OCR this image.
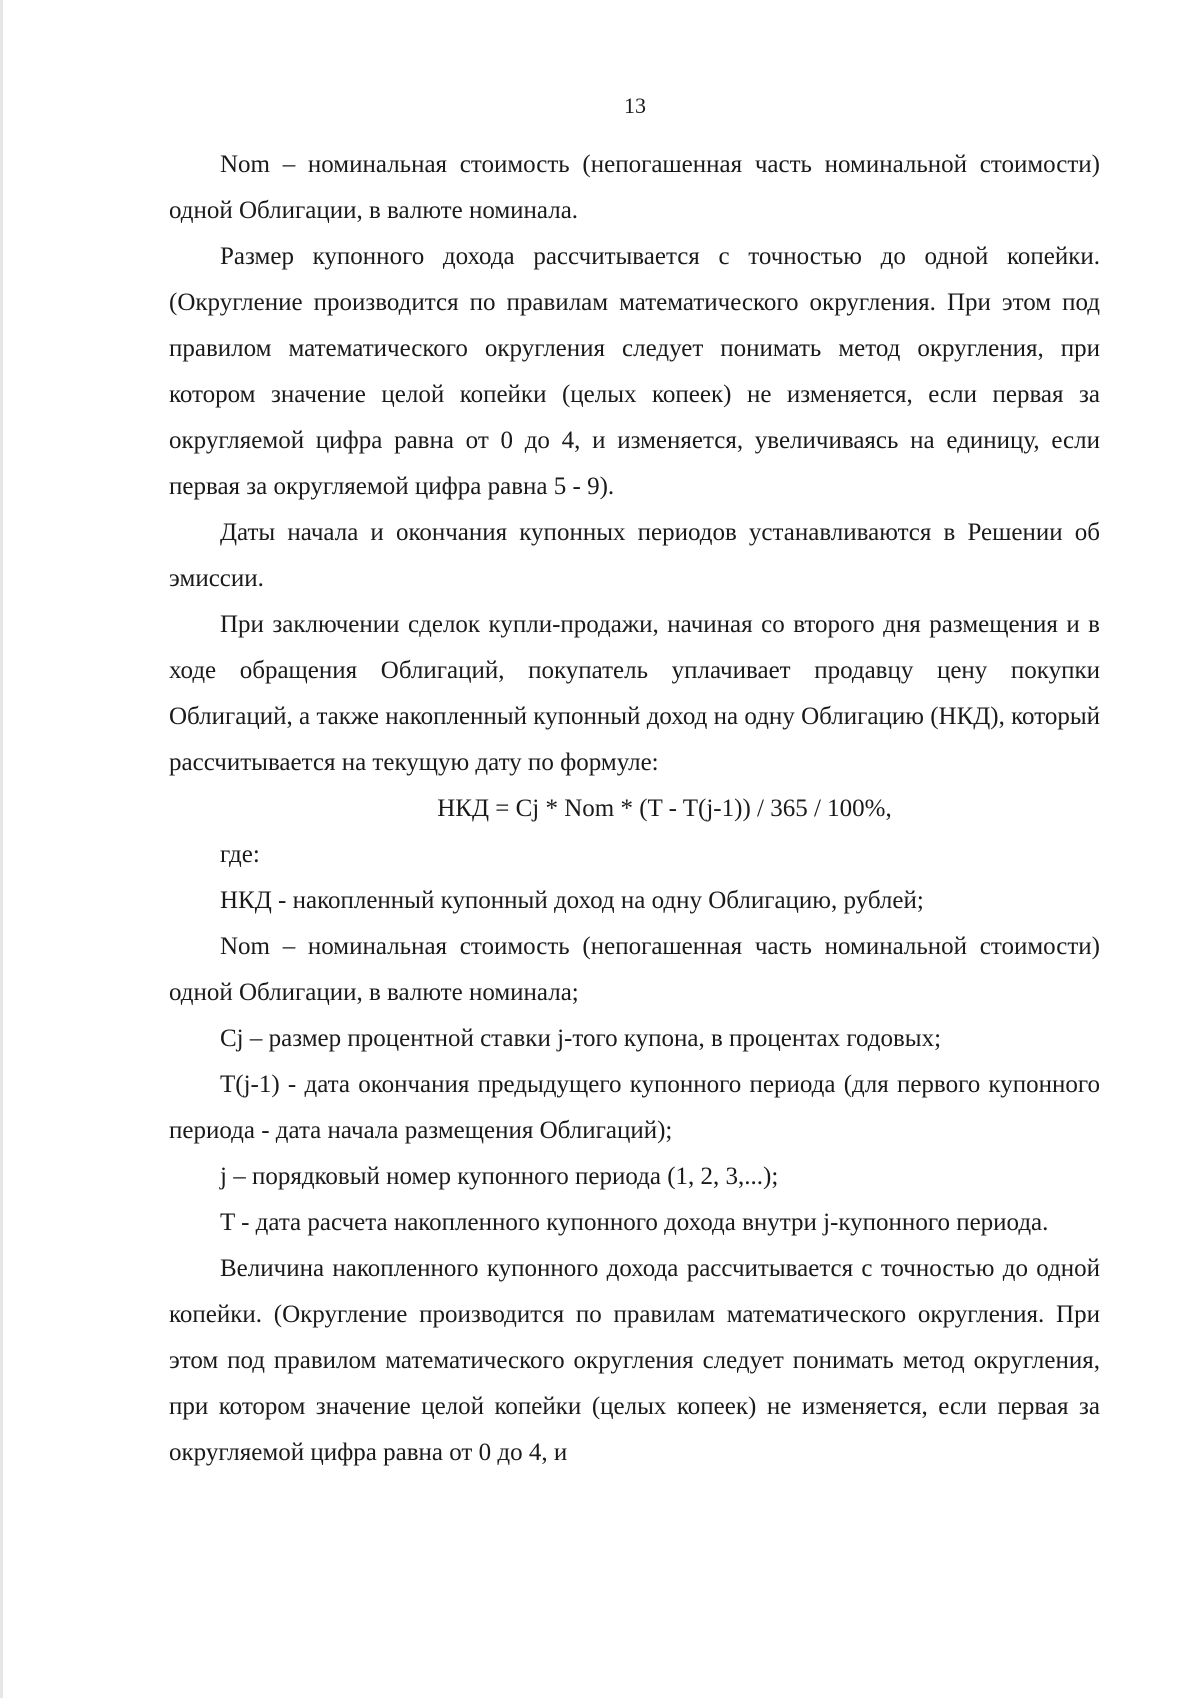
13

Nom – номинальная стоимость (непогашенная часть номинальной стоимости) одной Облигации, в валюте номинала.

Размер купонного дохода рассчитывается с точностью до одной копейки. (Округление производится по правилам математического округления. При этом под правилом математического округления следует понимать метод округления, при котором значение целой копейки (целых копеек) не изменяется, если первая за округляемой цифра равна от 0 до 4, и изменяется, увеличиваясь на единицу, если первая за округляемой цифра равна 5 - 9).

Даты начала и окончания купонных периодов устанавливаются в Решении об эмиссии.

При заключении сделок купли-продажи, начиная со второго дня размещения и в ходе обращения Облигаций, покупатель уплачивает продавцу цену покупки Облигаций, а также накопленный купонный доход на одну Облигацию (НКД), который рассчитывается на текущую дату по формуле:

НКД = Cj * Nom * (T - T(j-1)) / 365 / 100%,

где:

НКД - накопленный купонный доход на одну Облигацию, рублей;

Nom – номинальная стоимость (непогашенная часть номинальной стоимости) одной Облигации, в валюте номинала;

Cj – размер процентной ставки j-того купона, в процентах годовых;

T(j-1) - дата окончания предыдущего купонного периода (для первого купонного периода - дата начала размещения Облигаций);

j – порядковый номер купонного периода (1, 2, 3,...);

T - дата расчета накопленного купонного дохода внутри j-купонного периода.

Величина накопленного купонного дохода рассчитывается с точностью до одной копейки. (Округление производится по правилам математического округления. При этом под правилом математического округления следует понимать метод округления, при котором значение целой копейки (целых копеек) не изменяется, если первая за округляемой цифра равна от 0 до 4, и
